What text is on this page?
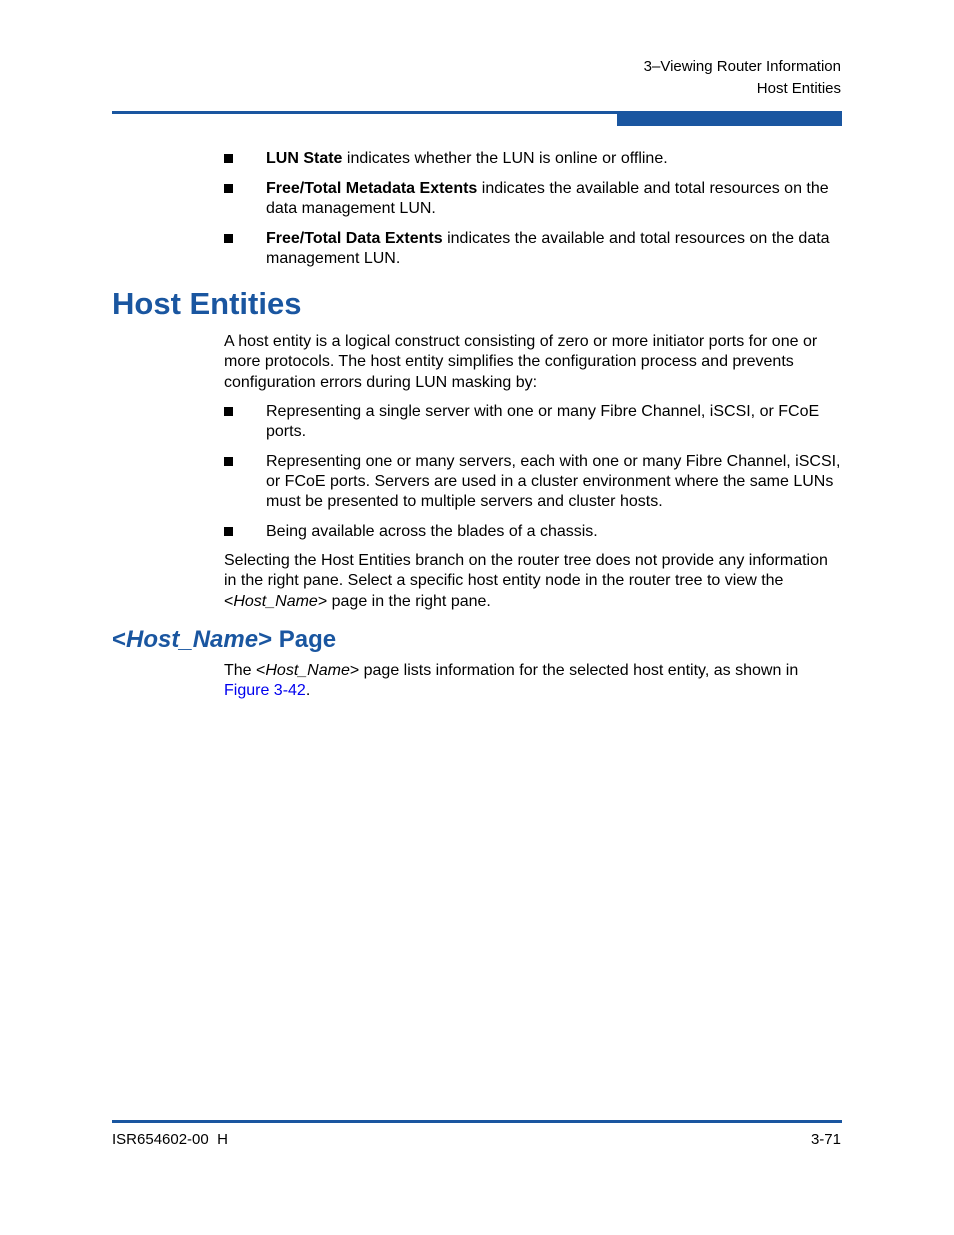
3–Viewing Router Information
Host Entities
LUN State indicates whether the LUN is online or offline.
Free/Total Metadata Extents indicates the available and total resources on the data management LUN.
Free/Total Data Extents indicates the available and total resources on the data management LUN.
Host Entities
A host entity is a logical construct consisting of zero or more initiator ports for one or more protocols. The host entity simplifies the configuration process and prevents configuration errors during LUN masking by:
Representing a single server with one or many Fibre Channel, iSCSI, or FCoE ports.
Representing one or many servers, each with one or many Fibre Channel, iSCSI, or FCoE ports. Servers are used in a cluster environment where the same LUNs must be presented to multiple servers and cluster hosts.
Being available across the blades of a chassis.
Selecting the Host Entities branch on the router tree does not provide any information in the right pane. Select a specific host entity node in the router tree to view the <Host_Name> page in the right pane.
<Host_Name> Page
The <Host_Name> page lists information for the selected host entity, as shown in Figure 3-42.
ISR654602-00  H	3-71
